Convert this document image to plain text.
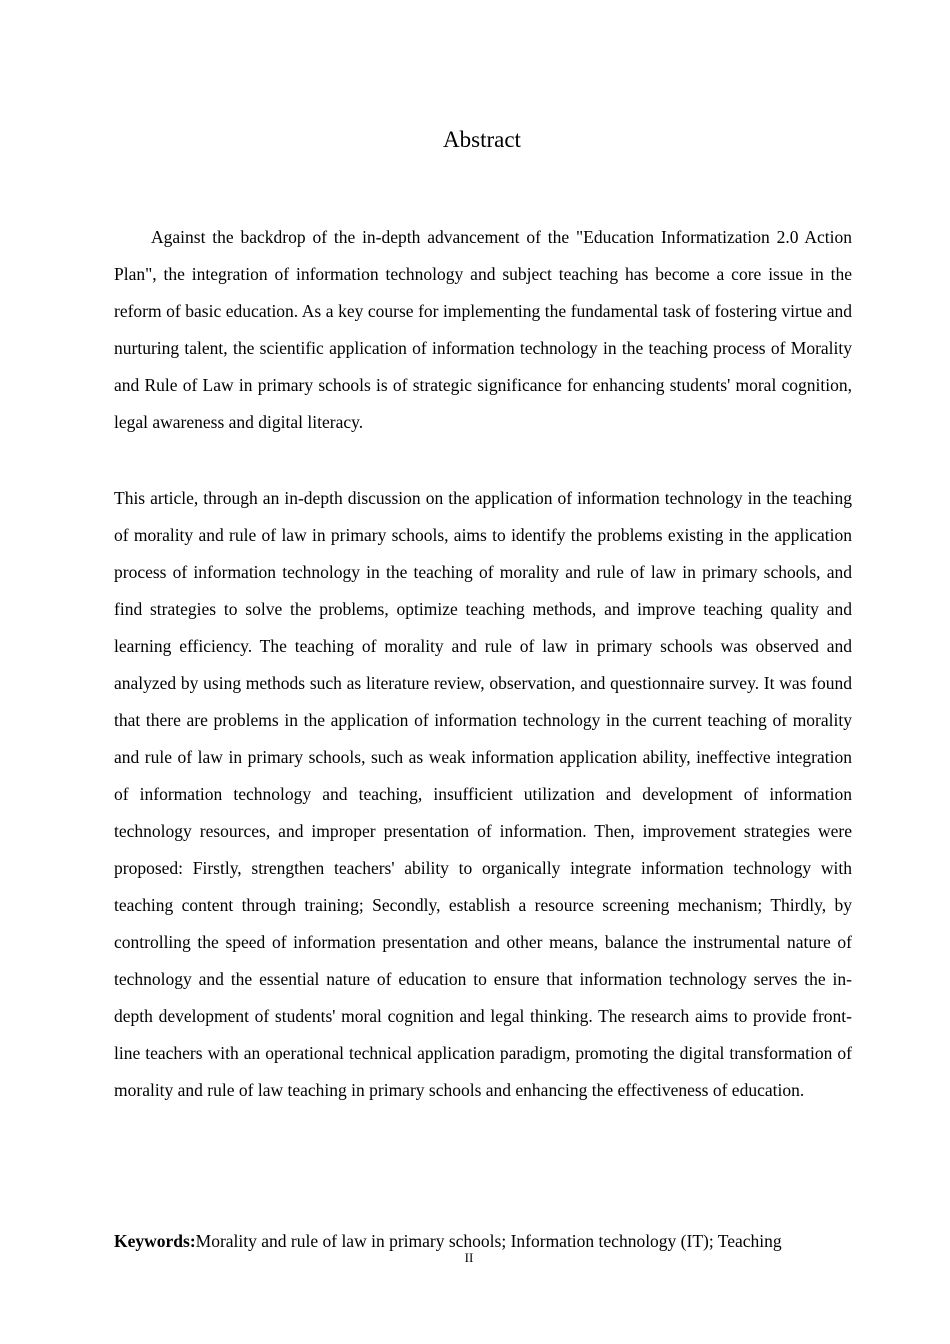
Abstract

Against the backdrop of the in-depth advancement of the "Education Informatization 2.0 Action Plan", the integration of information technology and subject teaching has become a core issue in the reform of basic education. As a key course for implementing the fundamental task of fostering virtue and nurturing talent, the scientific application of information technology in the teaching process of Morality and Rule of Law in primary schools is of strategic significance for enhancing students' moral cognition, legal awareness and digital literacy.

This article, through an in-depth discussion on the application of information technology in the teaching of morality and rule of law in primary schools, aims to identify the problems existing in the application process of information technology in the teaching of morality and rule of law in primary schools, and find strategies to solve the problems, optimize teaching methods, and improve teaching quality and learning efficiency. The teaching of morality and rule of law in primary schools was observed and analyzed by using methods such as literature review, observation, and questionnaire survey. It was found that there are problems in the application of information technology in the current teaching of morality and rule of law in primary schools, such as weak information application ability, ineffective integration of information technology and teaching, insufficient utilization and development of information technology resources, and improper presentation of information. Then, improvement strategies were proposed: Firstly, strengthen teachers' ability to organically integrate information technology with teaching content through training; Secondly, establish a resource screening mechanism; Thirdly, by controlling the speed of information presentation and other means, balance the instrumental nature of technology and the essential nature of education to ensure that information technology serves the in-depth development of students' moral cognition and legal thinking. The research aims to provide front-line teachers with an operational technical application paradigm, promoting the digital transformation of morality and rule of law teaching in primary schools and enhancing the effectiveness of education.

Keywords:Morality and rule of law in primary schools; Information technology (IT); Teaching
II
